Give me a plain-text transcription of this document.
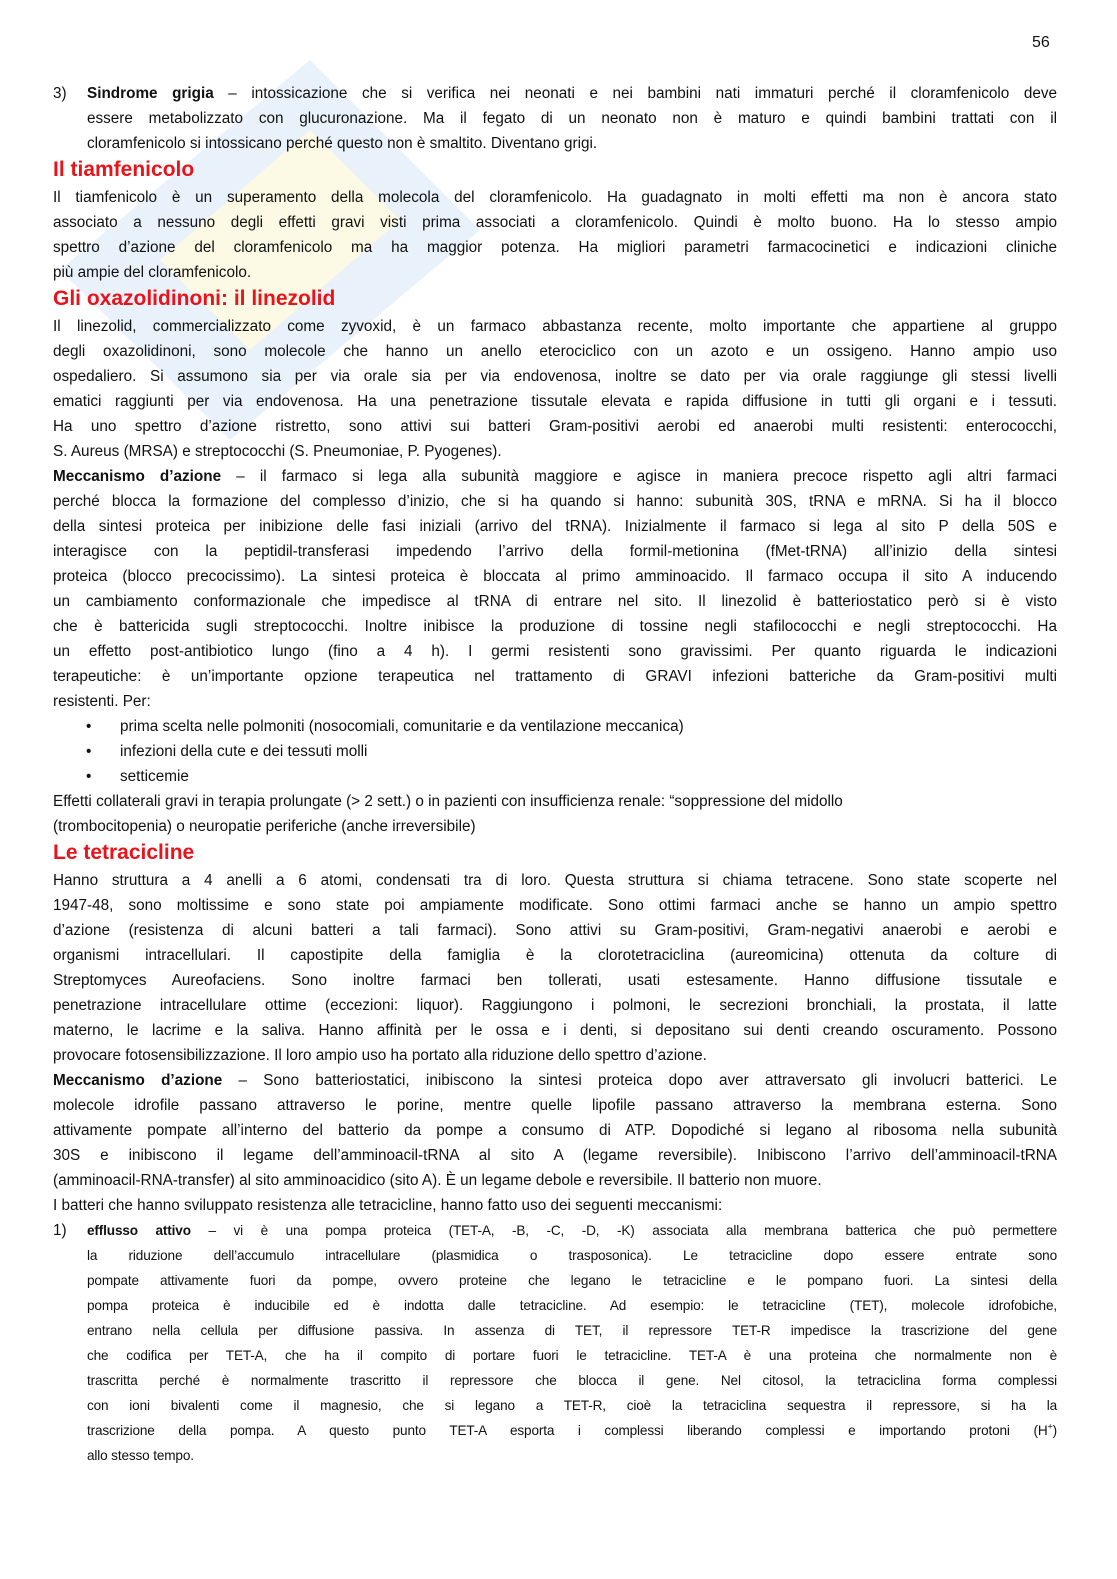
56
3) Sindrome grigia – intossicazione che si verifica nei neonati e nei bambini nati immaturi perché il cloramfenicolo deve
essere metabolizzato con glucuronazione. Ma il fegato di un neonato non è maturo e quindi bambini trattati con il
cloramfenicolo si intossicano perché questo non è smaltito. Diventano grigi.
Il tiamfenicolo
Il tiamfenicolo è un superamento della molecola del cloramfenicolo. Ha guadagnato in molti effetti ma non è ancora stato
associato a nessuno degli effetti gravi visti prima associati a cloramfenicolo. Quindi è molto buono. Ha lo stesso ampio
spettro d’azione del cloramfenicolo ma ha maggior potenza. Ha migliori parametri farmacocinetici e indicazioni cliniche
più ampie del cloramfenicolo.
Gli oxazolidinoni: il linezolid
Il linezolid, commercializzato come zyvoxid, è un farmaco abbastanza recente, molto importante che appartiene al gruppo
degli oxazolidinoni, sono molecole che hanno un anello eterociclico con un azoto e un ossigeno. Hanno ampio uso
ospedaliero. Si assumono sia per via orale sia per via endovenosa, inoltre se dato per via orale raggiunge gli stessi livelli
ematici raggiunti per via endovenosa. Ha una penetrazione tissutale elevata e rapida diffusione in tutti gli organi e i tessuti.
Ha uno spettro d’azione ristretto, sono attivi sui batteri Gram-positivi aerobi ed anaerobi multi resistenti: enterococchi,
S. Aureus (MRSA) e streptococchi (S. Pneumoniae, P. Pyogenes).
Meccanismo d’azione – il farmaco si lega alla subunità maggiore e agisce in maniera precoce rispetto agli altri farmaci
perché blocca la formazione del complesso d’inizio, che si ha quando si hanno: subunità 30S, tRNA e mRNA. Si ha il blocco
della sintesi proteica per inibizione delle fasi iniziali (arrivo del tRNA). Inizialmente il farmaco si lega al sito P della 50S e
interagisce con la peptidil-transferasi impedendo l’arrivo della formil-metionina (fMet-tRNA) all’inizio della sintesi
proteica (blocco precocissimo). La sintesi proteica è bloccata al primo amminoacido. Il farmaco occupa il sito A inducendo
un cambiamento conformazionale che impedisce al tRNA di entrare nel sito. Il linezolid è batteriostatico però si è visto
che è battericida sugli streptococchi. Inoltre inibisce la produzione di tossine negli stafilococchi e negli streptococchi. Ha
un effetto post-antibiotico lungo (fino a 4 h). I germi resistenti sono gravissimi. Per quanto riguarda le indicazioni
terapeutiche: è un’importante opzione terapeutica nel trattamento di GRAVI infezioni batteriche da Gram-positivi multi
resistenti. Per:
• prima scelta nelle polmoniti (nosocomiali, comunitarie e da ventilazione meccanica)
• infezioni della cute e dei tessuti molli
• setticemie
Effetti collaterali gravi in terapia prolungate (> 2 sett.) o in pazienti con insufficienza renale: “soppressione del midollo
(trombocitopenia) o neuropatie periferiche (anche irreversibile)
Le tetracicline
Hanno struttura a 4 anelli a 6 atomi, condensati tra di loro. Questa struttura si chiama tetracene. Sono state scoperte nel
1947-48, sono moltissime e sono state poi ampiamente modificate. Sono ottimi farmaci anche se hanno un ampio spettro
d’azione (resistenza di alcuni batteri a tali farmaci). Sono attivi su Gram-positivi, Gram-negativi anaerobi e aerobi e
organismi intracellulari. Il capostipite della famiglia è la clorotetraciclina (aureomicina) ottenuta da colture di
Streptomyces Aureofaciens. Sono inoltre farmaci ben tollerati, usati estesamente. Hanno diffusione tissutale e
penetrazione intracellulare ottime (eccezioni: liquor). Raggiungono i polmoni, le secrezioni bronchiali, la prostata, il latte
materno, le lacrime e la saliva. Hanno affinità per le ossa e i denti, si depositano sui denti creando oscuramento. Possono
provocare fotosensibilizzazione. Il loro ampio uso ha portato alla riduzione dello spettro d’azione.
Meccanismo d’azione – Sono batteriostatici, inibiscono la sintesi proteica dopo aver attraversato gli involucri batterici. Le
molecole idrofile passano attraverso le porine, mentre quelle lipofile passano attraverso la membrana esterna. Sono
attivamente pompate all’interno del batterio da pompe a consumo di ATP. Dopodiché si legano al ribosoma nella subunità
30S e inibiscono il legame dell’amminoacil-tRNA al sito A (legame reversibile). Inibiscono l’arrivo dell’amminoacil-tRNA
(amminoacil-RNA-transfer) al sito amminoacidico (sito A). È un legame debole e reversibile. Il batterio non muore.
I batteri che hanno sviluppato resistenza alle tetracicline, hanno fatto uso dei seguenti meccanismi:
1) efflusso attivo – vi è una pompa proteica (TET-A, -B, -C, -D, -K) associata alla membrana batterica che può permettere
la riduzione dell’accumulo intracellulare (plasmidica o trasposonica). Le tetracicline dopo essere entrate sono
pompate attivamente fuori da pompe, ovvero proteine che legano le tetracicline e le pompano fuori. La sintesi della
pompa proteica è inducibile ed è indotta dalle tetracicline. Ad esempio: le tetracicline (TET), molecole idrofobiche,
entrano nella cellula per diffusione passiva. In assenza di TET, il repressore TET-R impedisce la trascrizione del gene
che codifica per TET-A, che ha il compito di portare fuori le tetracicline. TET-A è una proteina che normalmente non è
trascritta perché è normalmente trascritto il repressore che blocca il gene. Nel citosol, la tetraciclina forma complessi
con ioni bivalenti come il magnesio, che si legano a TET-R, cioè la tetraciclina sequestra il repressore, si ha la
trascrizione della pompa. A questo punto TET-A esporta i complessi liberando complessi e importando protoni (H+)
allo stesso tempo.
